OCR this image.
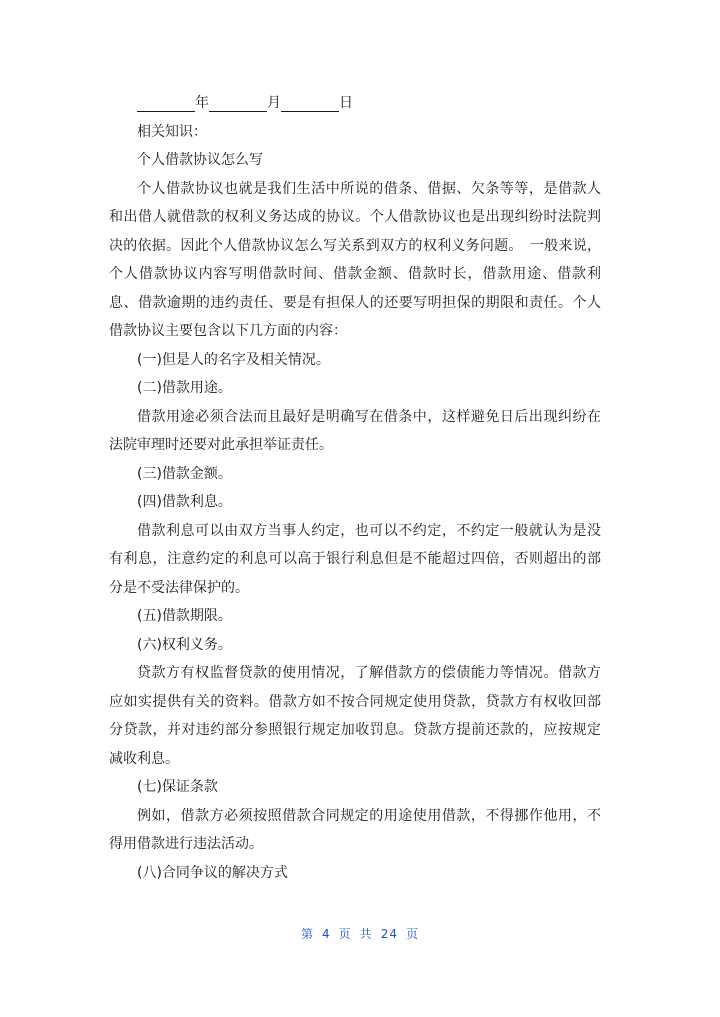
年	月	日

相关知识：

个人借款协议怎么写

个人借款协议也就是我们生活中所说的借条、借据、欠条等等，是借款人

和出借人就借款的权利义务达成的协议。个人借款协议也是出现纠纷时法院判

决的依据。因此个人借款协议怎么写关系到双方的权利义务问题。　一般来说，

个人借款协议内容写明借款时间、借款金额、借款时长，借款用途、借款利

息、借款逾期的违约责任、要是有担保人的还要写明担保的期限和责任。个人

借款协议主要包含以下几方面的内容：

(一)但是人的名字及相关情况。

(二)借款用途。

借款用途必须合法而且最好是明确写在借条中，这样避免日后出现纠纷在

法院审理时还要对此承担举证责任。

(三)借款金额。

(四)借款利息。

借款利息可以由双方当事人约定，也可以不约定，不约定一般就认为是没

有利息，注意约定的利息可以高于银行利息但是不能超过四倍，否则超出的部

分是不受法律保护的。

(五)借款期限。

(六)权利义务。

贷款方有权监督贷款的使用情况，了解借款方的偿债能力等情况。借款方

应如实提供有关的资料。借款方如不按合同规定使用贷款，贷款方有权收回部

分贷款，并对违约部分参照银行规定加收罚息。贷款方提前还款的，应按规定

减收利息。

(七)保证条款

例如，借款方必须按照借款合同规定的用途使用借款，不得挪作他用，不

得用借款进行违法活动。

(八)合同争议的解决方式

第 4 页 共 24 页
